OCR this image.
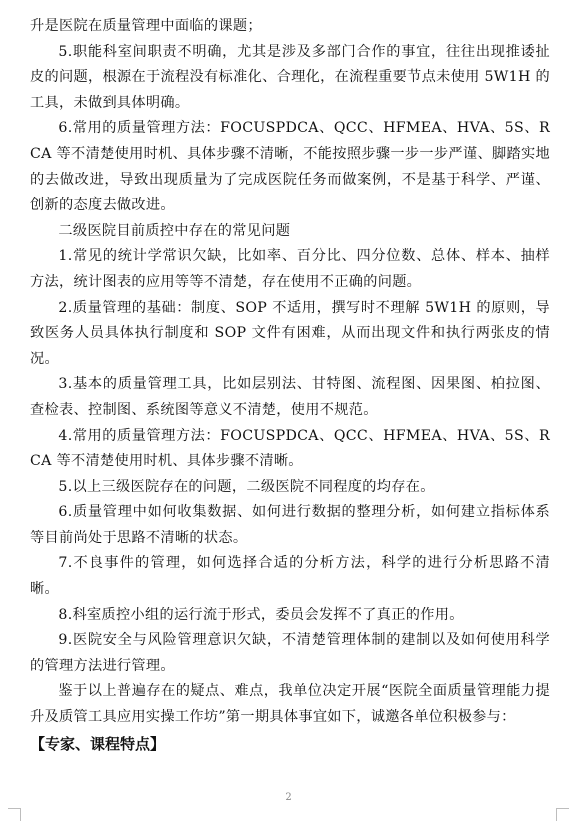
升是医院在质量管理中面临的课题；

5.职能科室间职责不明确，尤其是涉及多部门合作的事宜，往往出现推诿扯皮的问题，根源在于流程没有标准化、合理化，在流程重要节点未使用 5W1H 的工具，未做到具体明确。

6.常用的质量管理方法：FOCUSPDCA、QCC、HFMEA、HVA、5S、RCA 等不清楚使用时机、具体步骤不清晰，不能按照步骤一步一步严谨、脚踏实地的去做改进，导致出现质量为了完成医院任务而做案例，不是基于科学、严谨、创新的态度去做改进。

二级医院目前质控中存在的常见问题

1.常见的统计学常识欠缺，比如率、百分比、四分位数、总体、样本、抽样方法，统计图表的应用等等不清楚，存在使用不正确的问题。

2.质量管理的基础：制度、SOP 不适用，撰写时不理解 5W1H 的原则，导致医务人员具体执行制度和 SOP 文件有困难，从而出现文件和执行两张皮的情况。

3.基本的质量管理工具，比如层别法、甘特图、流程图、因果图、柏拉图、查检表、控制图、系统图等意义不清楚，使用不规范。

4.常用的质量管理方法：FOCUSPDCA、QCC、HFMEA、HVA、5S、RCA 等不清楚使用时机、具体步骤不清晰。

5.以上三级医院存在的问题，二级医院不同程度的均存在。

6.质量管理中如何收集数据、如何进行数据的整理分析，如何建立指标体系等目前尚处于思路不清晰的状态。

7.不良事件的管理，如何选择合适的分析方法，科学的进行分析思路不清晰。

8.科室质控小组的运行流于形式，委员会发挥不了真正的作用。

9.医院安全与风险管理意识欠缺，不清楚管理体制的建制以及如何使用科学的管理方法进行管理。

鉴于以上普遍存在的疑点、难点，我单位决定开展“医院全面质量管理能力提升及质管工具应用实操工作坊”第一期具体事宜如下，诚邀各单位积极参与：

【专家、课程特点】

2
